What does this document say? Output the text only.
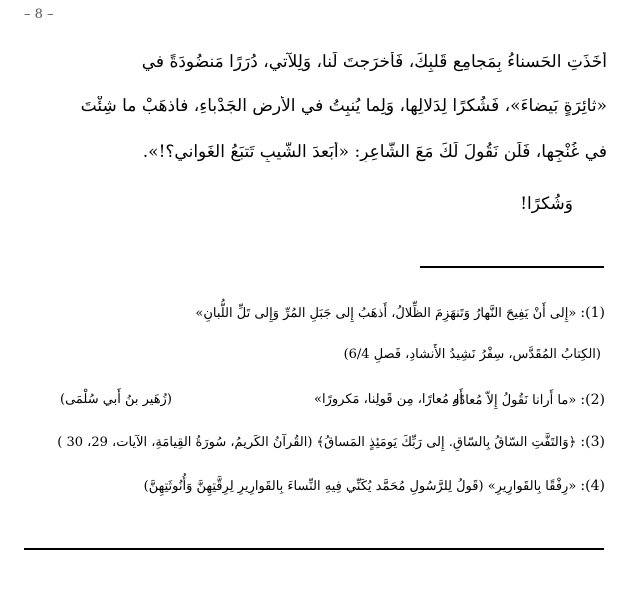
– 8 –
أَخَذَتِ الحَسناءُ بِمَجامِعِ قَلبِكَ، فَأَخرَجتَ لَنا، وَلِلآتي، دُرَرًا مَنضُودَةً في
«ثائِرَةٍ بَيضاءَ»، فَشُكرًا لِدَلالِها، وَلِما يُنبِتُ في الأَرضِ الجَدْباءِ، فاذهَبْ ما شِئْتَ
في غُنْجِها، فَلَن نَقُولَ لَكَ مَعَ الشّاعِرِ: «أَبَعدَ الشَّيبِ تَتبَعُ الغَواني؟!».
وَشُكرًا!
(1): «إِلى أَنْ يَفِيحَ النَّهارُ وَتَنهَزِمَ الظِّلالُ، أَذهَبُ إِلى جَبَلِ المُرِّ وَإِلى تَلِّ اللُّبانِ»
(الكِتابُ المُقَدَّس، سِفْرُ نَشِيدُ الأَنشادِ، فَصلِ 6/4)
(2): «ما أَرانا نَقُولُ إِلاّ مُعادًا،
أَو مُعارًا، مِن قَولِنا، مَكرورًا»
(زُهَير بنُ أَبي سُلْمَى)
(3): ﴿وَالتَفَّتِ السّاقُ بِالسّاقِ. إِلى رَبِّكَ يَومَئِذٍ المَساقُ﴾ (القُرآنُ الكَريمُ، سُورَةُ القِيامَةِ، الآيات، 29، 30 )
(4): «رِفْقًا بِالقَوارِيرِ» (قَولُ لِلرَّسُولِ مُحَمَّد يُكَنِّي فِيهِ النِّساءَ بِالقَوارِيرِ لِرِقَّتِهِنَّ وَأُنُوثَتِهِنَّ)
